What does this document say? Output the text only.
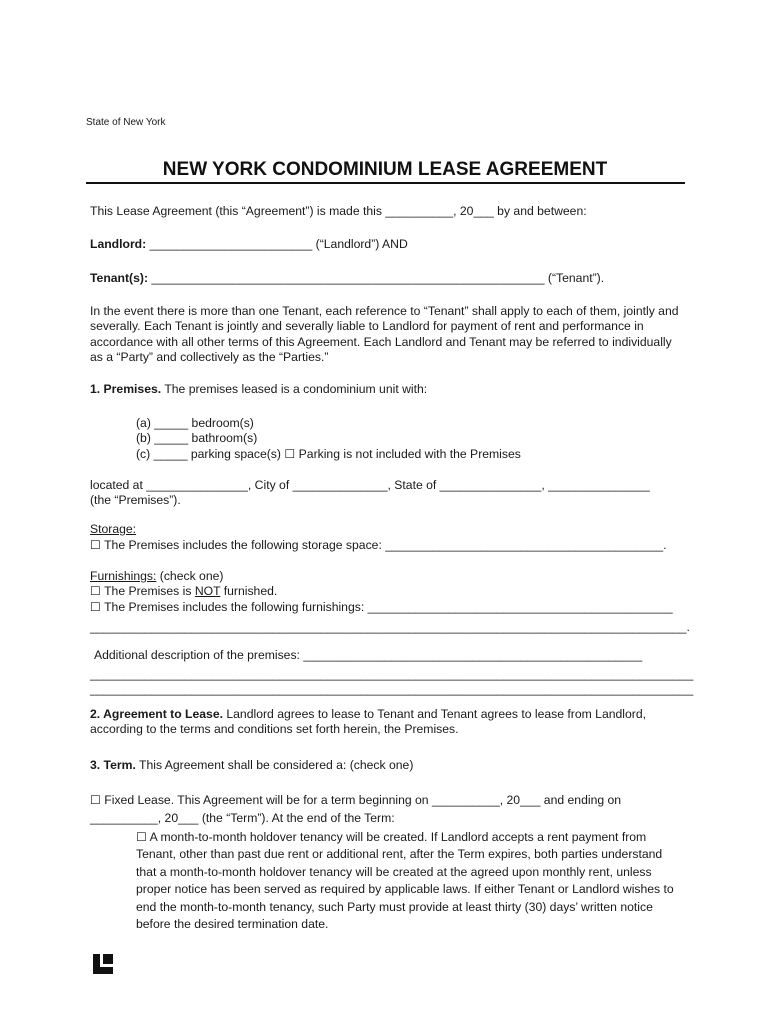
State of New York
NEW YORK CONDOMINIUM LEASE AGREEMENT
This Lease Agreement (this “Agreement”) is made this __________, 20___ by and between:
Landlord: ________________________ (“Landlord”) AND
Tenant(s): __________________________________________________________ (“Tenant”).
In the event there is more than one Tenant, each reference to “Tenant” shall apply to each of them, jointly and severally. Each Tenant is jointly and severally liable to Landlord for payment of rent and performance in accordance with all other terms of this Agreement. Each Landlord and Tenant may be referred to individually as a “Party” and collectively as the “Parties.”
1. Premises. The premises leased is a condominium unit with:
(a) _____ bedroom(s)
(b) _____ bathroom(s)
(c) _____ parking space(s) ☐ Parking is not included with the Premises
located at _______________, City of ______________, State of _______________, _______________
(the “Premises”).
Storage:
☐ The Premises includes the following storage space: _________________________________________.
Furnishings: (check one)
☐ The Premises is NOT furnished.
☐ The Premises includes the following furnishings: _____________________________________________
________________________________________________________________________________________.
Additional description of the premises: __________________________________________________
_________________________________________________________________________________________
_________________________________________________________________________________________
2. Agreement to Lease. Landlord agrees to lease to Tenant and Tenant agrees to lease from Landlord, according to the terms and conditions set forth herein, the Premises.
3. Term. This Agreement shall be considered a: (check one)
☐ Fixed Lease. This Agreement will be for a term beginning on __________, 20___ and ending on
__________, 20___ (the “Term”). At the end of the Term:
☐ A month-to-month holdover tenancy will be created. If Landlord accepts a rent payment from Tenant, other than past due rent or additional rent, after the Term expires, both parties understand that a month-to-month holdover tenancy will be created at the agreed upon monthly rent, unless proper notice has been served as required by applicable laws. If either Tenant or Landlord wishes to end the month-to-month tenancy, such Party must provide at least thirty (30) days’ written notice before the desired termination date.
